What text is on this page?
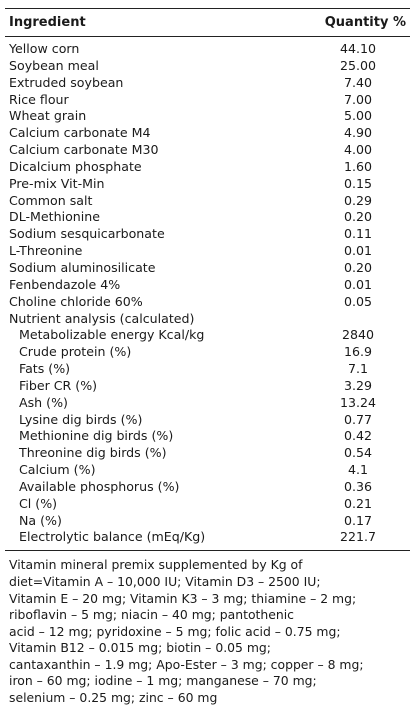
Ingredient	Quantity %
Yellow corn	44.10
Soybean meal	25.00
Extruded soybean	7.40
Rice flour	7.00
Wheat grain	5.00
Calcium carbonate M4	4.90
Calcium carbonate M30	4.00
Dicalcium phosphate	1.60
Pre-mix Vit-Min	0.15
Common salt	0.29
DL-Methionine	0.20
Sodium sesquicarbonate	0.11
L-Threonine	0.01
Sodium aluminosilicate	0.20
Fenbendazole 4%	0.01
Choline chloride 60%	0.05
Nutrient analysis (calculated)
Metabolizable energy Kcal/kg	2840
Crude protein (%)	16.9
Fats (%)	7.1
Fiber CR (%)	3.29
Ash (%)	13.24
Lysine dig birds (%)	0.77
Methionine dig birds (%)	0.42
Threonine dig birds (%)	0.54
Calcium (%)	4.1
Available phosphorus (%)	0.36
Cl (%)	0.21
Na (%)	0.17
Electrolytic balance (mEq/Kg)	221.7
Vitamin mineral premix supplemented by Kg of
diet=Vitamin A – 10,000 IU; Vitamin D3 – 2500 IU;
Vitamin E – 20 mg; Vitamin K3 – 3 mg; thiamine – 2 mg;
riboflavin – 5 mg; niacin – 40 mg; pantothenic
acid – 12 mg; pyridoxine – 5 mg; folic acid – 0.75 mg;
Vitamin B12 – 0.015 mg; biotin – 0.05 mg;
cantaxanthin – 1.9 mg; Apo-Ester – 3 mg; copper – 8 mg;
iron – 60 mg; iodine – 1 mg; manganese – 70 mg;
selenium – 0.25 mg; zinc – 60 mg
